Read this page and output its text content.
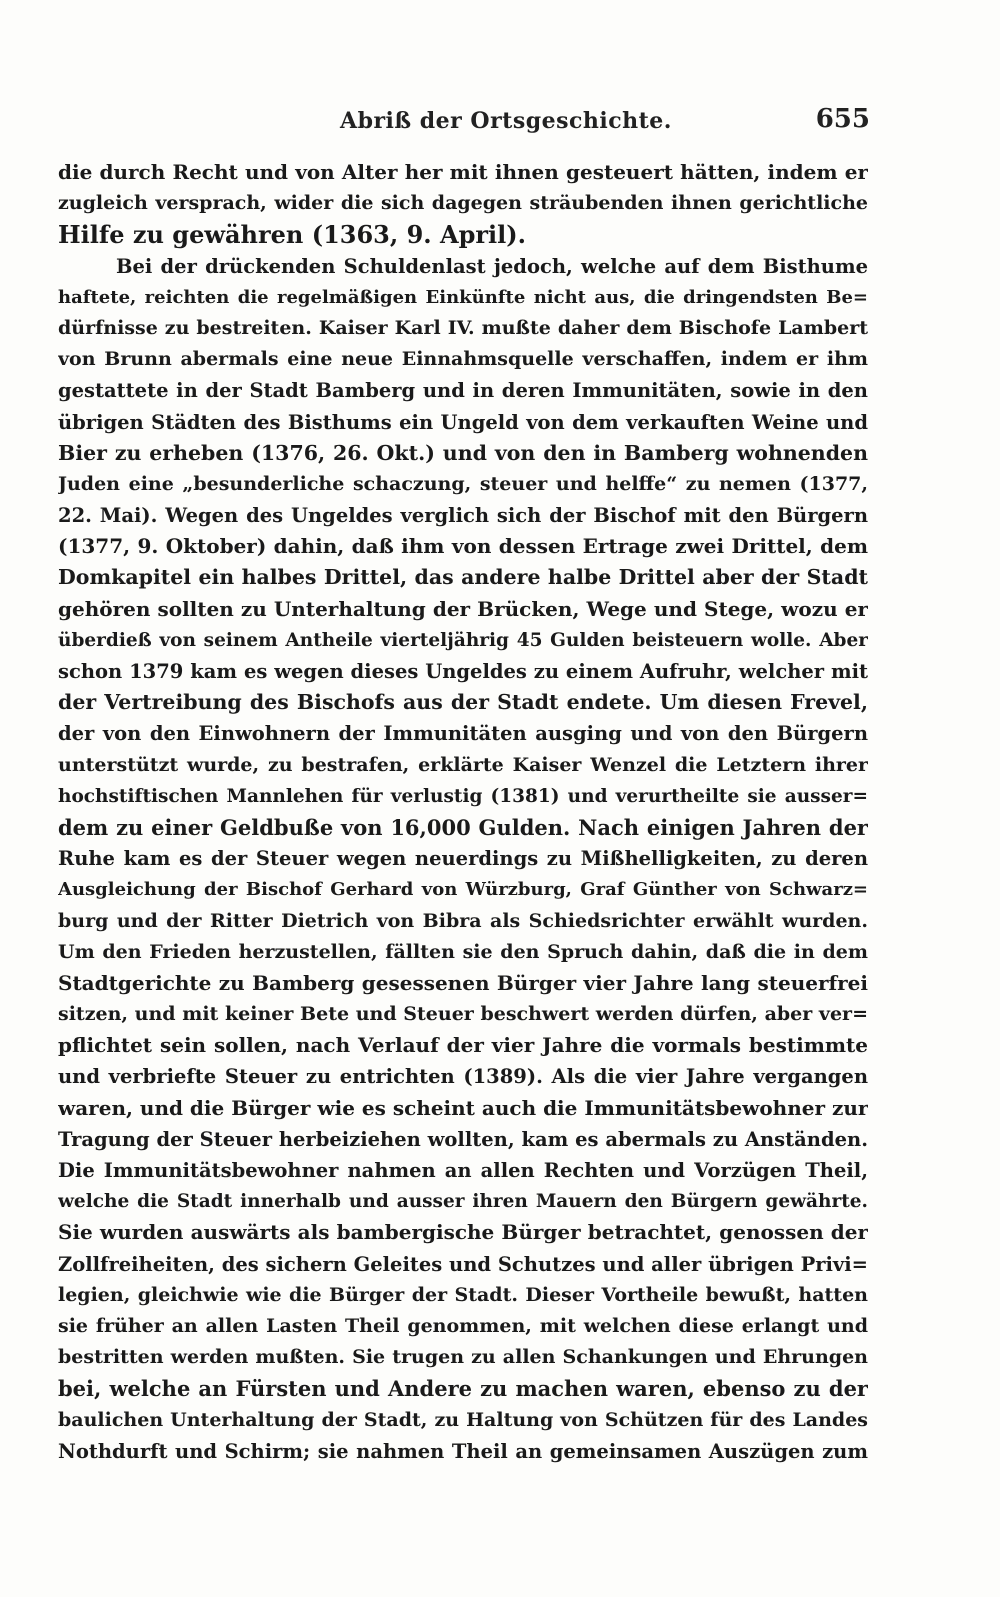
Abriß der Ortsgeschichte.	655
die durch Recht und von Alter her mit ihnen gesteuert hätten, indem er
zugleich versprach, wider die sich dagegen sträubenden ihnen gerichtliche
Hilfe zu gewähren (1363, 9. April).
Bei der drückenden Schuldenlast jedoch, welche auf dem Bisthume
haftete, reichten die regelmäßigen Einkünfte nicht aus, die dringendsten Be=
dürfnisse zu bestreiten. Kaiser Karl IV. mußte daher dem Bischofe Lambert
von Brunn abermals eine neue Einnahmsquelle verschaffen, indem er ihm
gestattete in der Stadt Bamberg und in deren Immunitäten, sowie in den
übrigen Städten des Bisthums ein Ungeld von dem verkauften Weine und
Bier zu erheben (1376, 26. Okt.) und von den in Bamberg wohnenden
Juden eine „besunderliche schaczung, steuer und helffe“ zu nemen (1377,
22. Mai). Wegen des Ungeldes verglich sich der Bischof mit den Bürgern
(1377, 9. Oktober) dahin, daß ihm von dessen Ertrage zwei Drittel, dem
Domkapitel ein halbes Drittel, das andere halbe Drittel aber der Stadt
gehören sollten zu Unterhaltung der Brücken, Wege und Stege, wozu er
überdieß von seinem Antheile vierteljährig 45 Gulden beisteuern wolle. Aber
schon 1379 kam es wegen dieses Ungeldes zu einem Aufruhr, welcher mit
der Vertreibung des Bischofs aus der Stadt endete. Um diesen Frevel,
der von den Einwohnern der Immunitäten ausging und von den Bürgern
unterstützt wurde, zu bestrafen, erklärte Kaiser Wenzel die Letztern ihrer
hochstiftischen Mannlehen für verlustig (1381) und verurtheilte sie ausser=
dem zu einer Geldbuße von 16,000 Gulden. Nach einigen Jahren der
Ruhe kam es der Steuer wegen neuerdings zu Mißhelligkeiten, zu deren
Ausgleichung der Bischof Gerhard von Würzburg, Graf Günther von Schwarz=
burg und der Ritter Dietrich von Bibra als Schiedsrichter erwählt wurden.
Um den Frieden herzustellen, fällten sie den Spruch dahin, daß die in dem
Stadtgerichte zu Bamberg gesessenen Bürger vier Jahre lang steuerfrei
sitzen, und mit keiner Bete und Steuer beschwert werden dürfen, aber ver=
pflichtet sein sollen, nach Verlauf der vier Jahre die vormals bestimmte
und verbriefte Steuer zu entrichten (1389). Als die vier Jahre vergangen
waren, und die Bürger wie es scheint auch die Immunitätsbewohner zur
Tragung der Steuer herbeiziehen wollten, kam es abermals zu Anständen.
Die Immunitätsbewohner nahmen an allen Rechten und Vorzügen Theil,
welche die Stadt innerhalb und ausser ihren Mauern den Bürgern gewährte.
Sie wurden auswärts als bambergische Bürger betrachtet, genossen der
Zollfreiheiten, des sichern Geleites und Schutzes und aller übrigen Privi=
legien, gleichwie wie die Bürger der Stadt. Dieser Vortheile bewußt, hatten
sie früher an allen Lasten Theil genommen, mit welchen diese erlangt und
bestritten werden mußten. Sie trugen zu allen Schankungen und Ehrungen
bei, welche an Fürsten und Andere zu machen waren, ebenso zu der
baulichen Unterhaltung der Stadt, zu Haltung von Schützen für des Landes
Nothdurft und Schirm; sie nahmen Theil an gemeinsamen Auszügen zum
